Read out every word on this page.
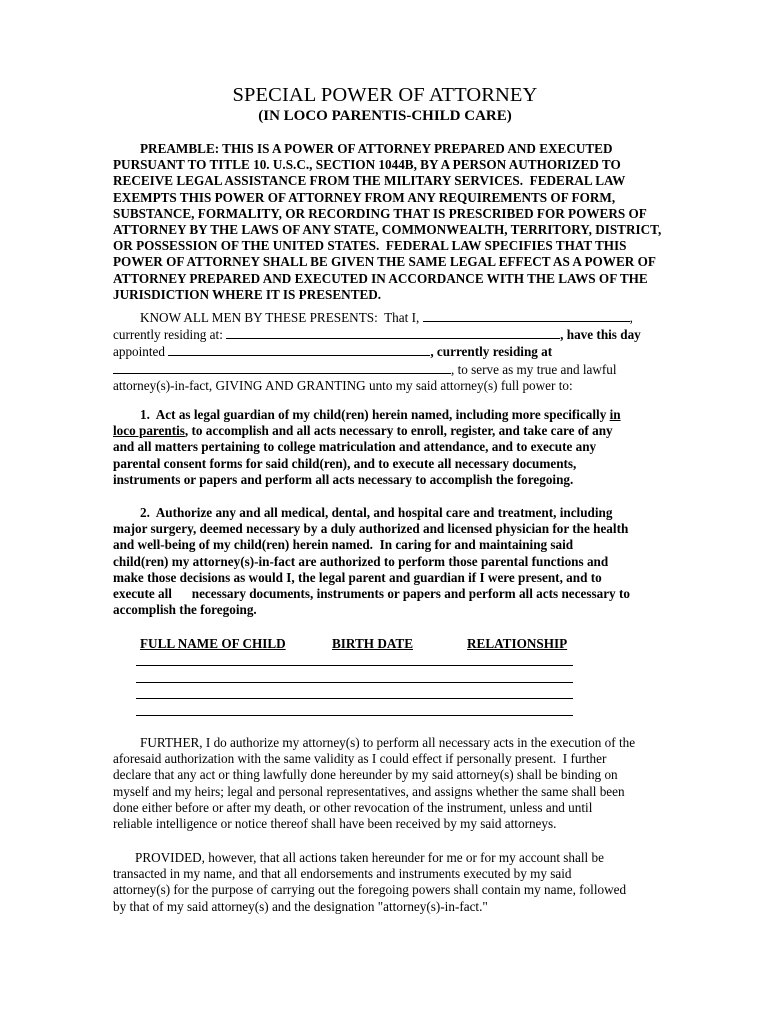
SPECIAL POWER OF ATTORNEY
(IN LOCO PARENTIS-CHILD CARE)
PREAMBLE: THIS IS A POWER OF ATTORNEY PREPARED AND EXECUTED
PURSUANT TO TITLE 10. U.S.C., SECTION 1044B, BY A PERSON AUTHORIZED TO
RECEIVE LEGAL ASSISTANCE FROM THE MILITARY SERVICES.  FEDERAL LAW
EXEMPTS THIS POWER OF ATTORNEY FROM ANY REQUIREMENTS OF FORM,
SUBSTANCE, FORMALITY, OR RECORDING THAT IS PRESCRIBED FOR POWERS OF
ATTORNEY BY THE LAWS OF ANY STATE, COMMONWEALTH, TERRITORY, DISTRICT,
OR POSSESSION OF THE UNITED STATES.  FEDERAL LAW SPECIFIES THAT THIS
POWER OF ATTORNEY SHALL BE GIVEN THE SAME LEGAL EFFECT AS A POWER OF
ATTORNEY PREPARED AND EXECUTED IN ACCORDANCE WITH THE LAWS OF THE
JURISDICTION WHERE IT IS PRESENTED.
KNOW ALL MEN BY THESE PRESENTS:  That I,	,
currently residing at:	, have this day
appointed	, currently residing at
, to serve as my true and lawful
attorney(s)-in-fact, GIVING AND GRANTING unto my said attorney(s) full power to:
1.  Act as legal guardian of my child(ren) herein named, including more specifically in
loco parentis, to accomplish and all acts necessary to enroll, register, and take care of any
and all matters pertaining to college matriculation and attendance, and to execute any
parental consent forms for said child(ren), and to execute all necessary documents,
instruments or papers and perform all acts necessary to accomplish the foregoing.
2.  Authorize any and all medical, dental, and hospital care and treatment, including
major surgery, deemed necessary by a duly authorized and licensed physician for the health
and well-being of my child(ren) herein named.  In caring for and maintaining said
child(ren) my attorney(s)-in-fact are authorized to perform those parental functions and
make those decisions as would I, the legal parent and guardian if I were present, and to
execute all      necessary documents, instruments or papers and perform all acts necessary to
accomplish the foregoing.
FULL NAME OF CHILD	BIRTH DATE	RELATIONSHIP
FURTHER, I do authorize my attorney(s) to perform all necessary acts in the execution of the
aforesaid authorization with the same validity as I could effect if personally present.  I further
declare that any act or thing lawfully done hereunder by my said attorney(s) shall be binding on
myself and my heirs; legal and personal representatives, and assigns whether the same shall been
done either before or after my death, or other revocation of the instrument, unless and until
reliable intelligence or notice thereof shall have been received by my said attorneys.
PROVIDED, however, that all actions taken hereunder for me or for my account shall be
transacted in my name, and that all endorsements and instruments executed by my said
attorney(s) for the purpose of carrying out the foregoing powers shall contain my name, followed
by that of my said attorney(s) and the designation "attorney(s)-in-fact."
